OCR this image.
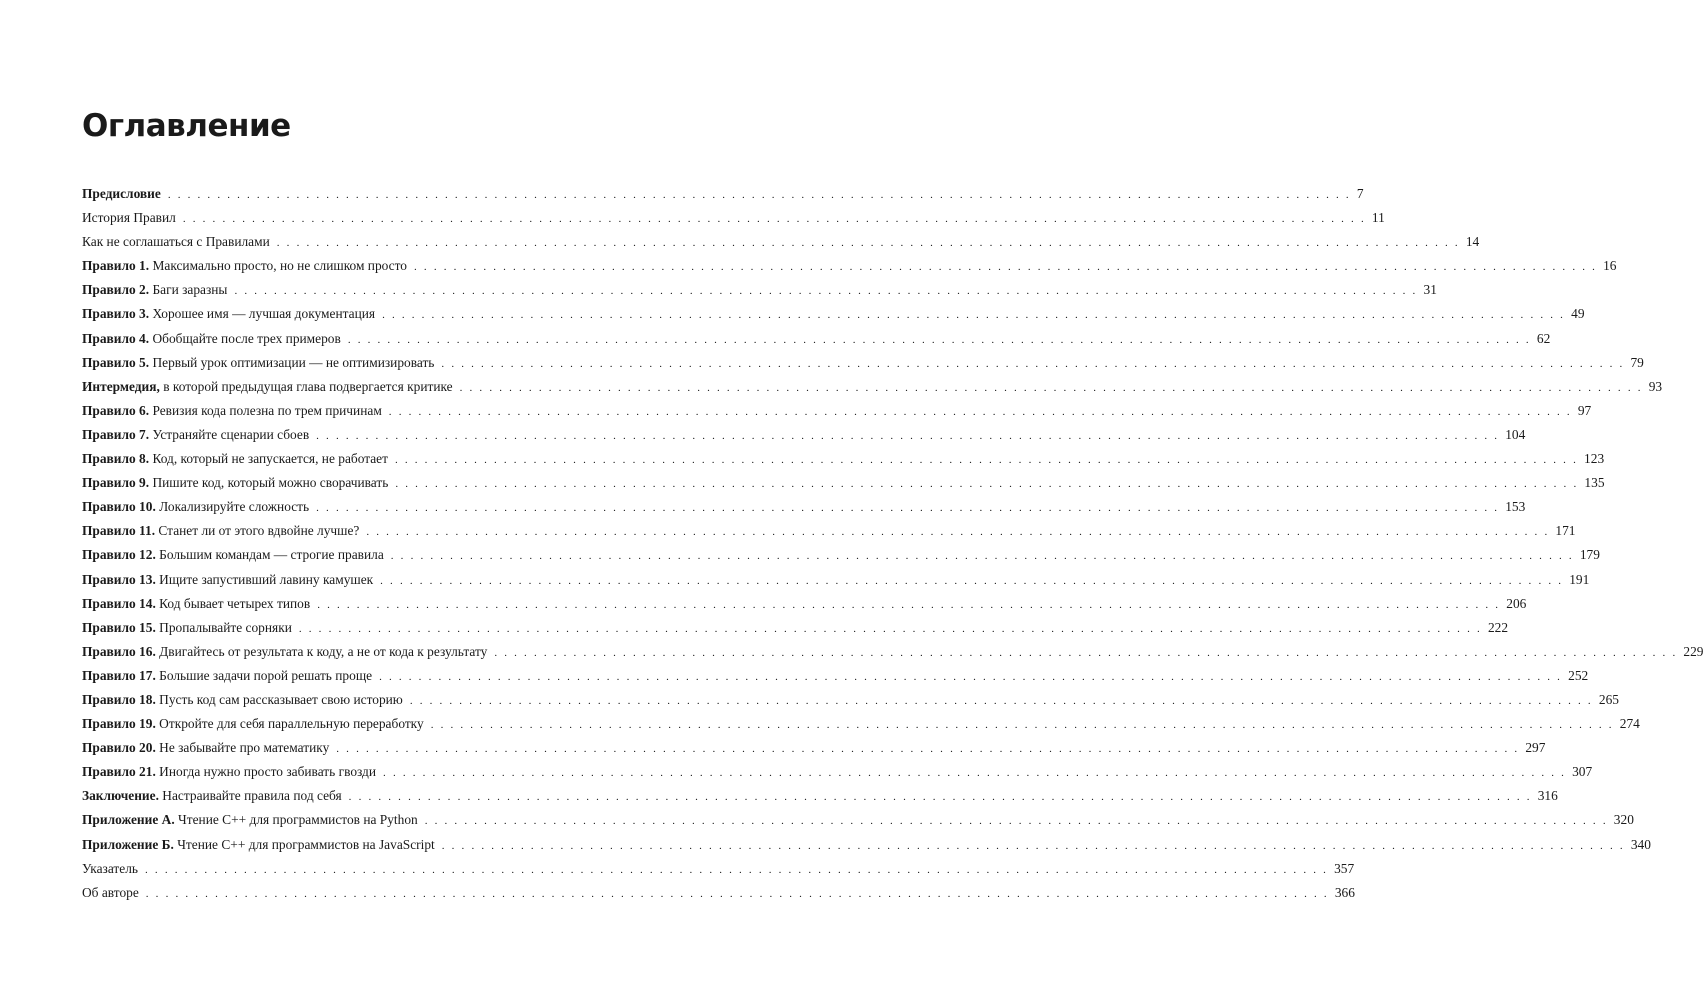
Оглавление
Предисловие . . . . . . . . . . . . . . . . . . . . . . . . . . . . . . . . . . . . . . . . . . . . . . . . . . . . . . . . . . . . . . . . . . . . . . . . . . . . . . . . . . . . . . . . . . . . . . . . . . . . . . . . . . . . . . . . . . . . . . . . 7
История Правил . . . . . . . . . . . . . . . . . . . . . . . . . . . . . . . . . . . . . . . . . . . . . . . . . . . . . . . . . . . . . . . . . . . . . . . . . . . . . . . . . . . . . . . . . . . . . . . . . . . . . . . . . . . . . . . . . . . . . . . . 11
Как не соглашаться с Правилами . . . . . . . . . . . . . . . . . . . . . . . . . . . . . . . . . . . . . . . . . . . . . . . . . . . . . . . . . . . . . . . . . . . . . . . . . . . . . . . . . . . . . . . . . . . . . . . . . . . . . . . . . . . . . . . . . . . . . . . . 14
Правило 1. Максимально просто, но не слишком просто . . . . . . . . . . . . . . . . . . . . . . . . . . . . . . . . . . . . . . . . . . . . . . . . . . . . . . . . . . . . . . . . . . . . . . . . . . . . . . . . . . . . . . . . . . . . . . . . . . . . . . . . . . . . . . . . . . . . . . . . 16
Правило 2. Баги заразны . . . . . . . . . . . . . . . . . . . . . . . . . . . . . . . . . . . . . . . . . . . . . . . . . . . . . . . . . . . . . . . . . . . . . . . . . . . . . . . . . . . . . . . . . . . . . . . . . . . . . . . . . . . . . . . . . . . . . . . . 31
Правило 3. Хорошее имя — лучшая документация . . . . . . . . . . . . . . . . . . . . . . . . . . . . . . . . . . . . . . . . . . . . . . . . . . . . . . . . . . . . . . . . . . . . . . . . . . . . . . . . . . . . . . . . . . . . . . . . . . . . . . . . . . . . . . . . . . . . . . . . 49
Правило 4. Обобщайте после трех примеров . . . . . . . . . . . . . . . . . . . . . . . . . . . . . . . . . . . . . . . . . . . . . . . . . . . . . . . . . . . . . . . . . . . . . . . . . . . . . . . . . . . . . . . . . . . . . . . . . . . . . . . . . . . . . . . . . . . . . . . . 62
Правило 5. Первый урок оптимизации — не оптимизировать . . . . . . . . . . . . . . . . . . . . . . . . . . . . . . . . . . . . . . . . . . . . . . . . . . . . . . . . . . . . . . . . . . . . . . . . . . . . . . . . . . . . . . . . . . . . . . . . . . . . . . . . . . . . . . . . . . . . . . . . 79
Интермедия, в которой предыдущая глава подвергается критике . . . . . . . . . . . . . . . . . . . . . . . . . . . . . . . . . . . . . . . . . . . . . . . . . . . . . . . . . . . . . . . . . . . . . . . . . . . . . . . . . . . . . . . . . . . . . . . . . . . . . . . . . . . . . . . . . . . . . . . . 93
Правило 6. Ревизия кода полезна по трем причинам . . . . . . . . . . . . . . . . . . . . . . . . . . . . . . . . . . . . . . . . . . . . . . . . . . . . . . . . . . . . . . . . . . . . . . . . . . . . . . . . . . . . . . . . . . . . . . . . . . . . . . . . . . . . . . . . . . . . . . . . 97
Правило 7. Устраняйте сценарии сбоев . . . . . . . . . . . . . . . . . . . . . . . . . . . . . . . . . . . . . . . . . . . . . . . . . . . . . . . . . . . . . . . . . . . . . . . . . . . . . . . . . . . . . . . . . . . . . . . . . . . . . . . . . . . . . . . . . . . . . . . . 104
Правило 8. Код, который не запускается, не работает . . . . . . . . . . . . . . . . . . . . . . . . . . . . . . . . . . . . . . . . . . . . . . . . . . . . . . . . . . . . . . . . . . . . . . . . . . . . . . . . . . . . . . . . . . . . . . . . . . . . . . . . . . . . . . . . . . . . . . . . 123
Правило 9. Пишите код, который можно сворачивать . . . . . . . . . . . . . . . . . . . . . . . . . . . . . . . . . . . . . . . . . . . . . . . . . . . . . . . . . . . . . . . . . . . . . . . . . . . . . . . . . . . . . . . . . . . . . . . . . . . . . . . . . . . . . . . . . . . . . . . . 135
Правило 10. Локализируйте сложность . . . . . . . . . . . . . . . . . . . . . . . . . . . . . . . . . . . . . . . . . . . . . . . . . . . . . . . . . . . . . . . . . . . . . . . . . . . . . . . . . . . . . . . . . . . . . . . . . . . . . . . . . . . . . . . . . . . . . . . . 153
Правило 11. Станет ли от этого вдвойне лучше? . . . . . . . . . . . . . . . . . . . . . . . . . . . . . . . . . . . . . . . . . . . . . . . . . . . . . . . . . . . . . . . . . . . . . . . . . . . . . . . . . . . . . . . . . . . . . . . . . . . . . . . . . . . . . . . . . . . . . . . . 171
Правило 12. Большим командам — строгие правила . . . . . . . . . . . . . . . . . . . . . . . . . . . . . . . . . . . . . . . . . . . . . . . . . . . . . . . . . . . . . . . . . . . . . . . . . . . . . . . . . . . . . . . . . . . . . . . . . . . . . . . . . . . . . . . . . . . . . . . . 179
Правило 13. Ищите запустивший лавину камушек . . . . . . . . . . . . . . . . . . . . . . . . . . . . . . . . . . . . . . . . . . . . . . . . . . . . . . . . . . . . . . . . . . . . . . . . . . . . . . . . . . . . . . . . . . . . . . . . . . . . . . . . . . . . . . . . . . . . . . . . 191
Правило 14. Код бывает четырех типов . . . . . . . . . . . . . . . . . . . . . . . . . . . . . . . . . . . . . . . . . . . . . . . . . . . . . . . . . . . . . . . . . . . . . . . . . . . . . . . . . . . . . . . . . . . . . . . . . . . . . . . . . . . . . . . . . . . . . . . . 206
Правило 15. Пропалывайте сорняки . . . . . . . . . . . . . . . . . . . . . . . . . . . . . . . . . . . . . . . . . . . . . . . . . . . . . . . . . . . . . . . . . . . . . . . . . . . . . . . . . . . . . . . . . . . . . . . . . . . . . . . . . . . . . . . . . . . . . . . . 222
Правило 16. Двигайтесь от результата к коду, а не от кода к результату . . . . . . . . . . . . . . . . . . . . . . . . . . . . . . . . . . . . . . . . . . . . . . . . . . . . . . . . . . . . . . . . . . . . . . . . . . . . . . . . . . . . . . . . . . . . . . . . . . . . . . . . . . . . . . . . . . . . . . . . 229
Правило 17. Большие задачи порой решать проще . . . . . . . . . . . . . . . . . . . . . . . . . . . . . . . . . . . . . . . . . . . . . . . . . . . . . . . . . . . . . . . . . . . . . . . . . . . . . . . . . . . . . . . . . . . . . . . . . . . . . . . . . . . . . . . . . . . . . . . . 252
Правило 18. Пусть код сам рассказывает свою историю . . . . . . . . . . . . . . . . . . . . . . . . . . . . . . . . . . . . . . . . . . . . . . . . . . . . . . . . . . . . . . . . . . . . . . . . . . . . . . . . . . . . . . . . . . . . . . . . . . . . . . . . . . . . . . . . . . . . . . . . 265
Правило 19. Откройте для себя параллельную переработку . . . . . . . . . . . . . . . . . . . . . . . . . . . . . . . . . . . . . . . . . . . . . . . . . . . . . . . . . . . . . . . . . . . . . . . . . . . . . . . . . . . . . . . . . . . . . . . . . . . . . . . . . . . . . . . . . . . . . . . . 274
Правило 20. Не забывайте про математику . . . . . . . . . . . . . . . . . . . . . . . . . . . . . . . . . . . . . . . . . . . . . . . . . . . . . . . . . . . . . . . . . . . . . . . . . . . . . . . . . . . . . . . . . . . . . . . . . . . . . . . . . . . . . . . . . . . . . . . . 297
Правило 21. Иногда нужно просто забивать гвозди . . . . . . . . . . . . . . . . . . . . . . . . . . . . . . . . . . . . . . . . . . . . . . . . . . . . . . . . . . . . . . . . . . . . . . . . . . . . . . . . . . . . . . . . . . . . . . . . . . . . . . . . . . . . . . . . . . . . . . . . 307
Заключение. Настраивайте правила под себя . . . . . . . . . . . . . . . . . . . . . . . . . . . . . . . . . . . . . . . . . . . . . . . . . . . . . . . . . . . . . . . . . . . . . . . . . . . . . . . . . . . . . . . . . . . . . . . . . . . . . . . . . . . . . . . . . . . . . . . . 316
Приложение А. Чтение C++ для программистов на Python . . . . . . . . . . . . . . . . . . . . . . . . . . . . . . . . . . . . . . . . . . . . . . . . . . . . . . . . . . . . . . . . . . . . . . . . . . . . . . . . . . . . . . . . . . . . . . . . . . . . . . . . . . . . . . . . . . . . . . . . 320
Приложение Б. Чтение C++ для программистов на JavaScript . . . . . . . . . . . . . . . . . . . . . . . . . . . . . . . . . . . . . . . . . . . . . . . . . . . . . . . . . . . . . . . . . . . . . . . . . . . . . . . . . . . . . . . . . . . . . . . . . . . . . . . . . . . . . . . . . . . . . . . . 340
Указатель . . . . . . . . . . . . . . . . . . . . . . . . . . . . . . . . . . . . . . . . . . . . . . . . . . . . . . . . . . . . . . . . . . . . . . . . . . . . . . . . . . . . . . . . . . . . . . . . . . . . . . . . . . . . . . . . . . . . . . . . 357
Об авторе . . . . . . . . . . . . . . . . . . . . . . . . . . . . . . . . . . . . . . . . . . . . . . . . . . . . . . . . . . . . . . . . . . . . . . . . . . . . . . . . . . . . . . . . . . . . . . . . . . . . . . . . . . . . . . . . . . . . . . . . 366
